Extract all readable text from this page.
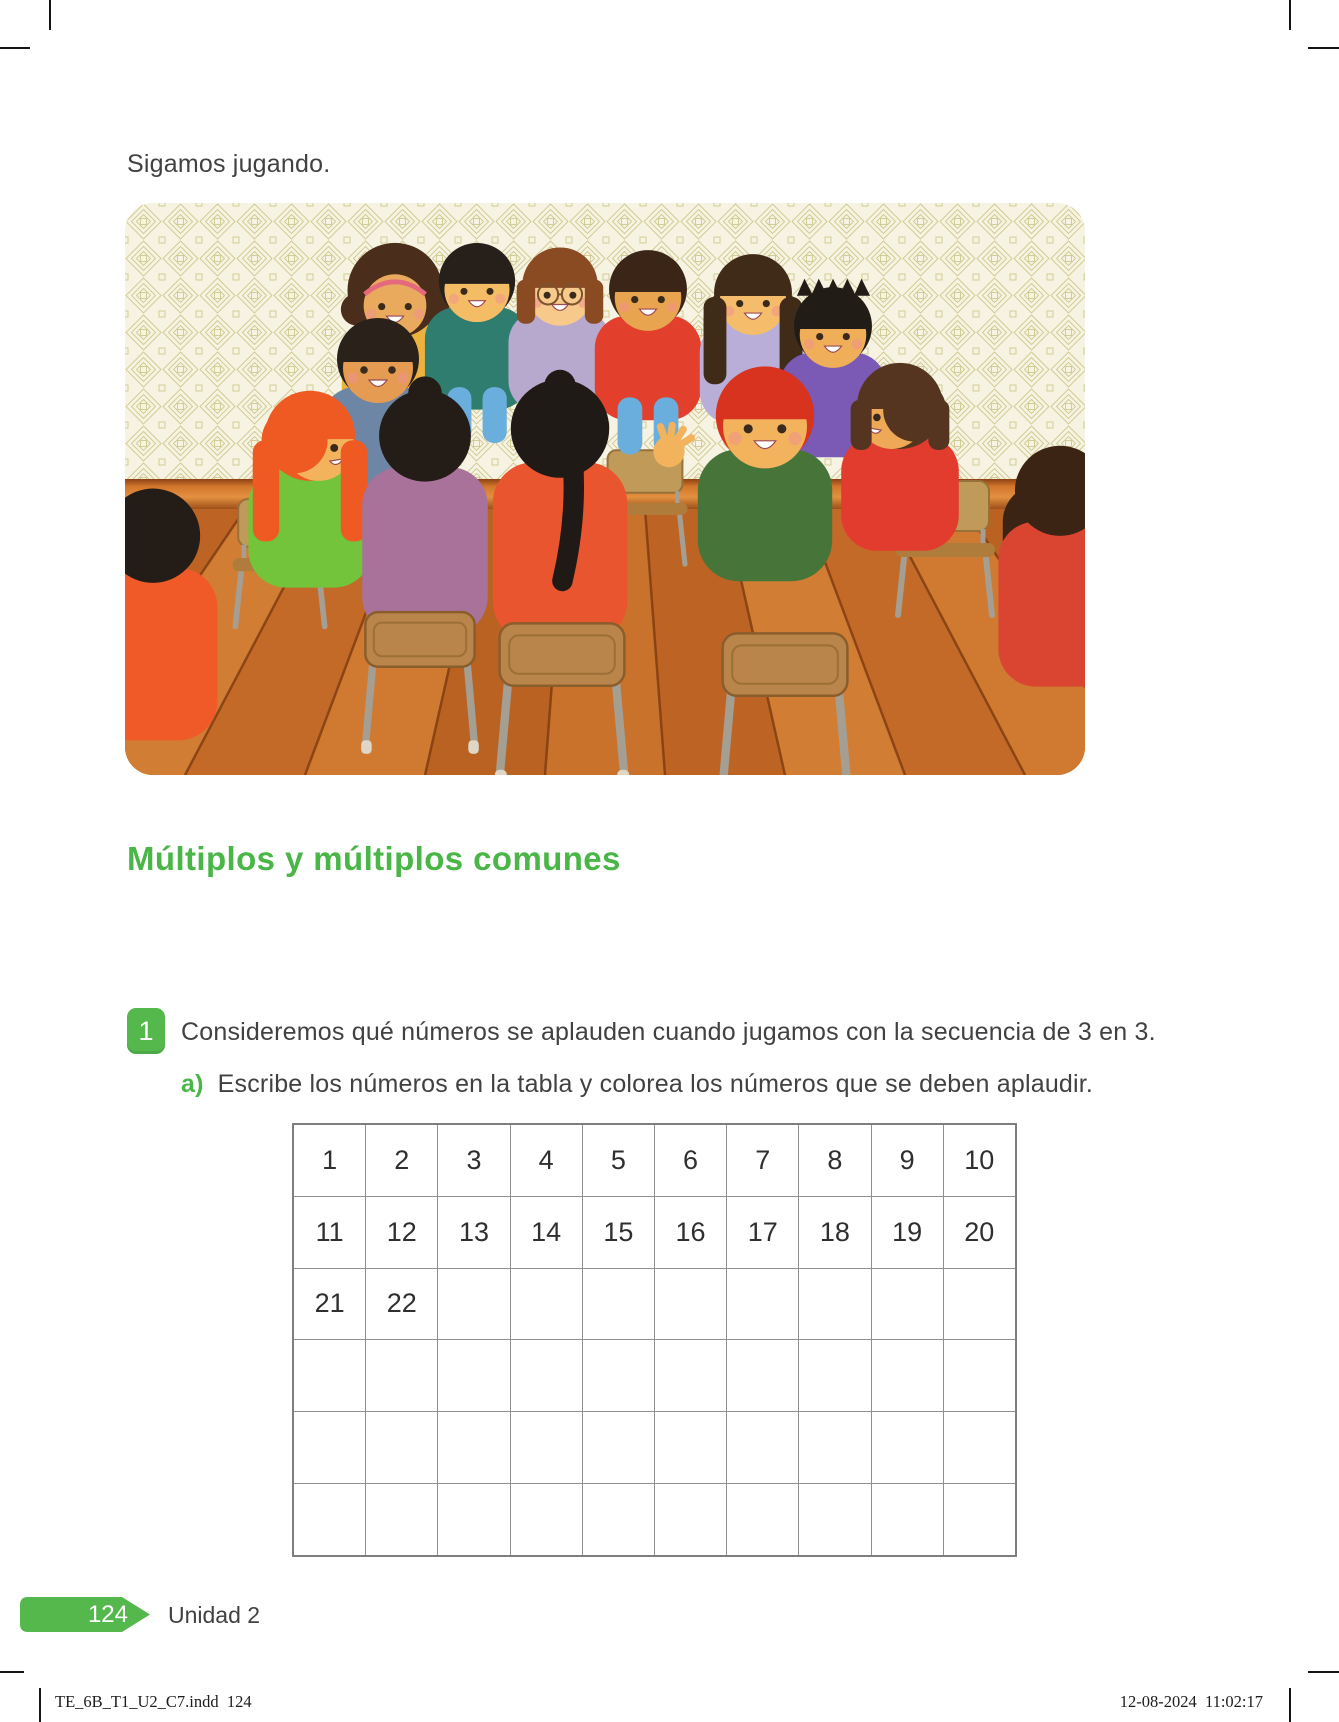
Sigamos jugando.
Múltiplos y múltiplos comunes
1	Consideremos qué números se aplauden cuando jugamos con la secuencia de 3 en 3.
a) Escribe los números en la tabla y colorea los números que se deben aplaudir.
1	2	3	4	5	6	7	8	9	10
11	12	13	14	15	16	17	18	19	20
21	22								

124 Unidad 2
TE_6B_T1_U2_C7.indd  124	12-08-2024  11:02:17
